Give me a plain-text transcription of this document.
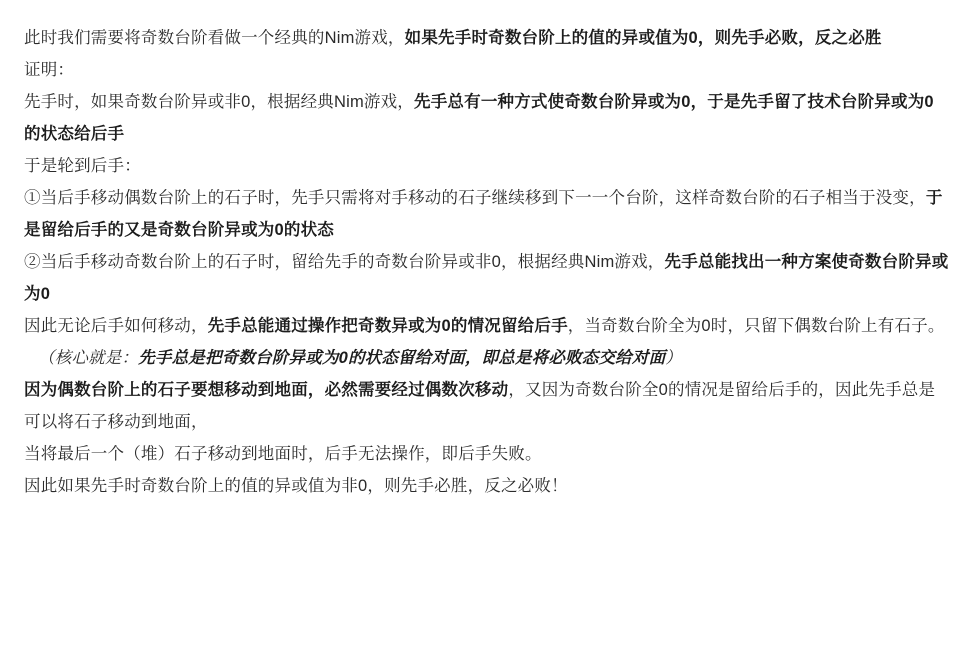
此时我们需要将奇数台阶看做一个经典的Nim游戏，如果先手时奇数台阶上的值的异或值为0，则先手必败，反之必胜

证明：

先手时，如果奇数台阶异或非0，根据经典Nim游戏，先手总有一种方式使奇数台阶异或为0，于是先手留了技术台阶异或为0的状态给后手

于是轮到后手：

①当后手移动偶数台阶上的石子时，先手只需将对手移动的石子继续移到下一一个台阶，这样奇数台阶的石子相当于没变，于是留给后手的又是奇数台阶异或为0的状态

②当后手移动奇数台阶上的石子时，留给先手的奇数台阶异或非0，根据经典Nim游戏，先手总能找出一种方案使奇数台阶异或为0

因此无论后手如何移动，先手总能通过操作把奇数异或为0的情况留给后手，当奇数台阶全为0时，只留下偶数台阶上有石子。

（核心就是：先手总是把奇数台阶异或为0的状态留给对面，即总是将必败态交给对面）

因为偶数台阶上的石子要想移动到地面，必然需要经过偶数次移动，又因为奇数台阶全0的情况是留给后手的，因此先手总是可以将石子移动到地面，

当将最后一个（堆）石子移动到地面时，后手无法操作，即后手失败。

因此如果先手时奇数台阶上的值的异或值为非0，则先手必胜，反之必败！
